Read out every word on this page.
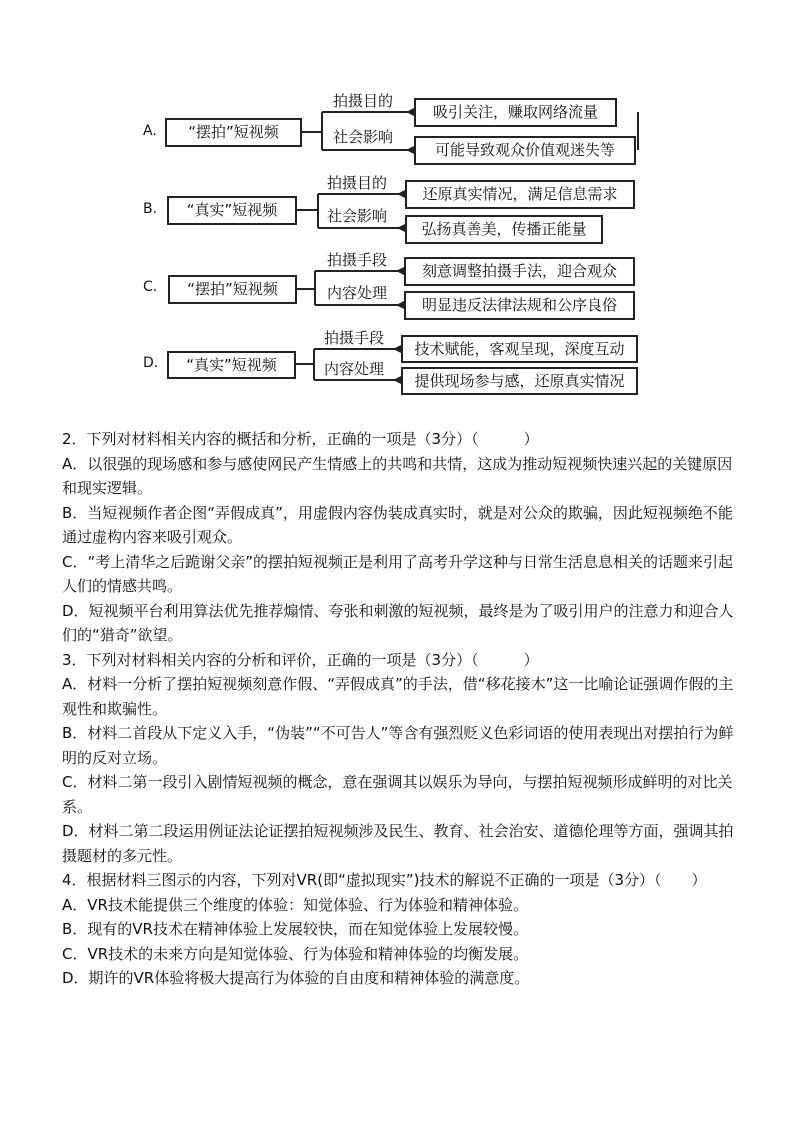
A.	“摆拍”短视频
拍摄目的
社会影响
吸引关注，赚取网络流量
可能导致观众价值观迷失等
B.	“真实”短视频
拍摄目的
社会影响
还原真实情况，满足信息需求
弘扬真善美，传播正能量
C.	“摆拍”短视频
拍摄手段
内容处理
刻意调整拍摄手法，迎合观众
明显违反法律法规和公序良俗
D.	“真实”短视频
拍摄手段
内容处理
技术赋能，客观呈现，深度互动
提供现场参与感，还原真实情况

2．下列对材料相关内容的概括和分析，正确的一项是（3分）（　　　）

A．以很强的现场感和参与感使网民产生情感上的共鸣和共情，这成为推动短视频快速兴起的关键原因和现实逻辑。

B．当短视频作者企图“弄假成真”，用虚假内容伪装成真实时，就是对公众的欺骗，因此短视频绝不能通过虚构内容来吸引观众。

C．“考上清华之后跪谢父亲”的摆拍短视频正是利用了高考升学这种与日常生活息息相关的话题来引起人们的情感共鸣。

D．短视频平台利用算法优先推荐煽情、夸张和刺激的短视频，最终是为了吸引用户的注意力和迎合人们的“猎奇”欲望。

3．下列对材料相关内容的分析和评价，正确的一项是（3分）（　　　）

A．材料一分析了摆拍短视频刻意作假、“弄假成真”的手法，借“移花接木”这一比喻论证强调作假的主观性和欺骗性。

B．材料二首段从下定义入手，“伪装”“不可告人”等含有强烈贬义色彩词语的使用表现出对摆拍行为鲜明的反对立场。

C．材料二第一段引入剧情短视频的概念，意在强调其以娱乐为导向，与摆拍短视频形成鲜明的对比关系。

D．材料二第二段运用例证法论证摆拍短视频涉及民生、教育、社会治安、道德伦理等方面，强调其拍摄题材的多元性。

4．根据材料三图示的内容，下列对VR(即“虚拟现实”)技术的解说不正确的一项是（3分）（　　）

A．VR技术能提供三个维度的体验：知觉体验、行为体验和精神体验。

B．现有的VR技术在精神体验上发展较快，而在知觉体验上发展较慢。

C．VR技术的未来方向是知觉体验、行为体验和精神体验的均衡发展。

D．期许的VR体验将极大提高行为体验的自由度和精神体验的满意度。
